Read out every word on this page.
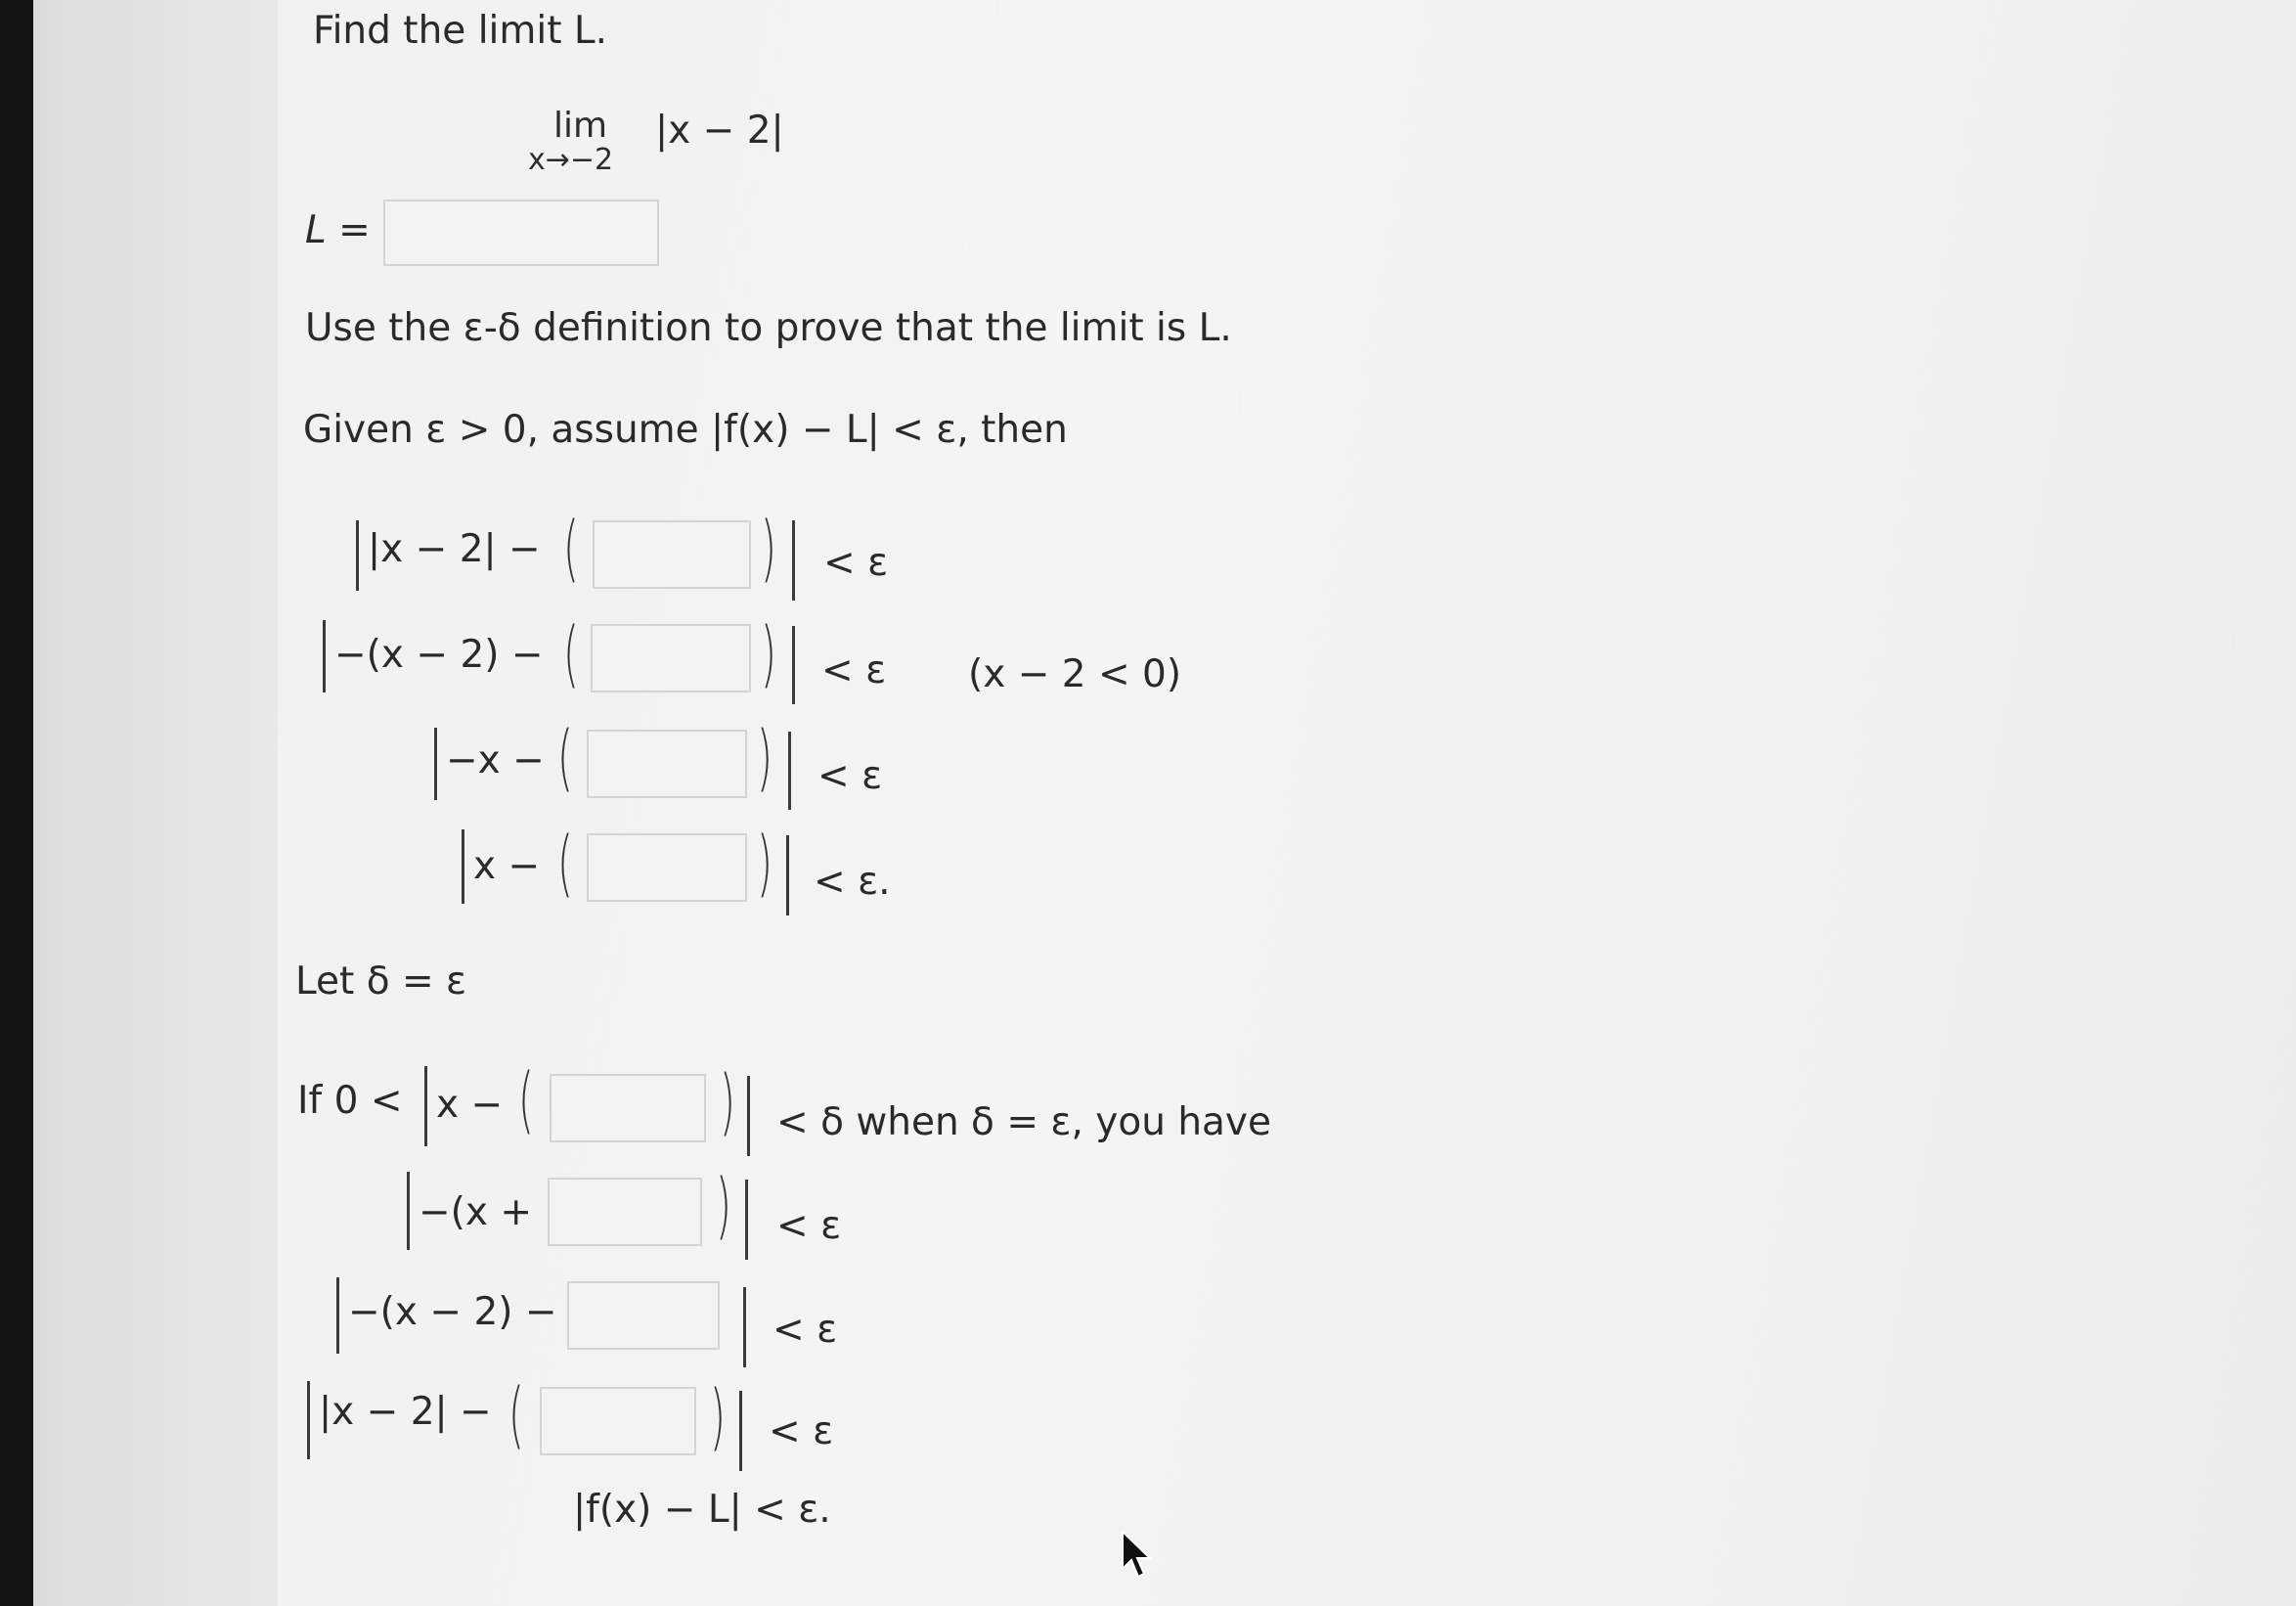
Find the limit L.
lim
x→−2
|x − 2|
L =
Use the ε-δ definition to prove that the limit is L.
Given ε > 0, assume |f(x) − L| < ε, then
|x − 2| − (	) < ε
−(x − 2) − (	) < ε (x − 2 < 0)
−x − (	) < ε
x − (	) < ε.
Let δ = ε
If 0 < x − (	) < δ when δ = ε, you have
−(x +	) < ε
−(x − 2) −	< ε
|x − 2| − (	) < ε
|f(x) − L| < ε.
